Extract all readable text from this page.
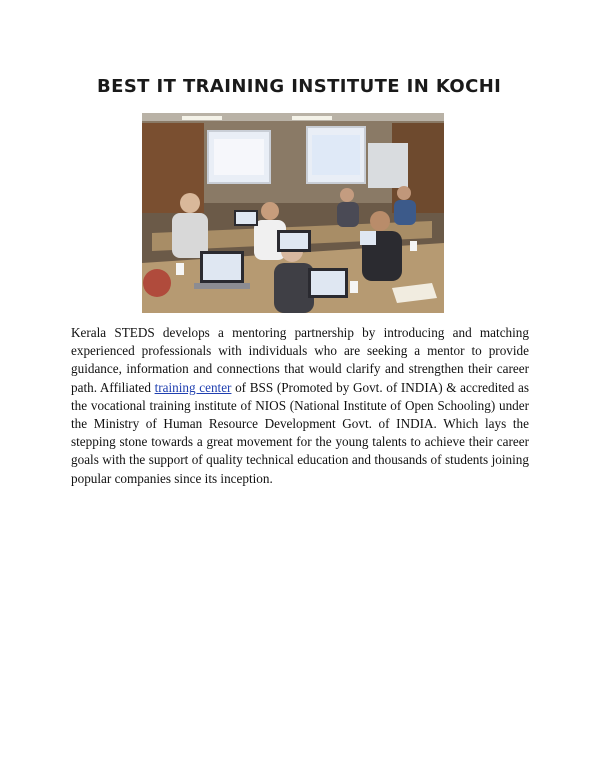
BEST IT TRAINING INSTITUTE IN KOCHI

Kerala STEDS develops a mentoring partnership by introducing and matching experienced professionals with individuals who are seeking a mentor to provide guidance, information and connections that would clarify and strengthen their career path. Affiliated training center of BSS (Promoted by Govt. of INDIA) & accredited as the vocational training institute of NIOS (National Institute of Open Schooling) under the Ministry of Human Resource Development Govt. of INDIA. Which lays the stepping stone towards a great movement for the young talents to achieve their career goals with the support of quality technical education and thousands of students joining popular companies since its inception.
